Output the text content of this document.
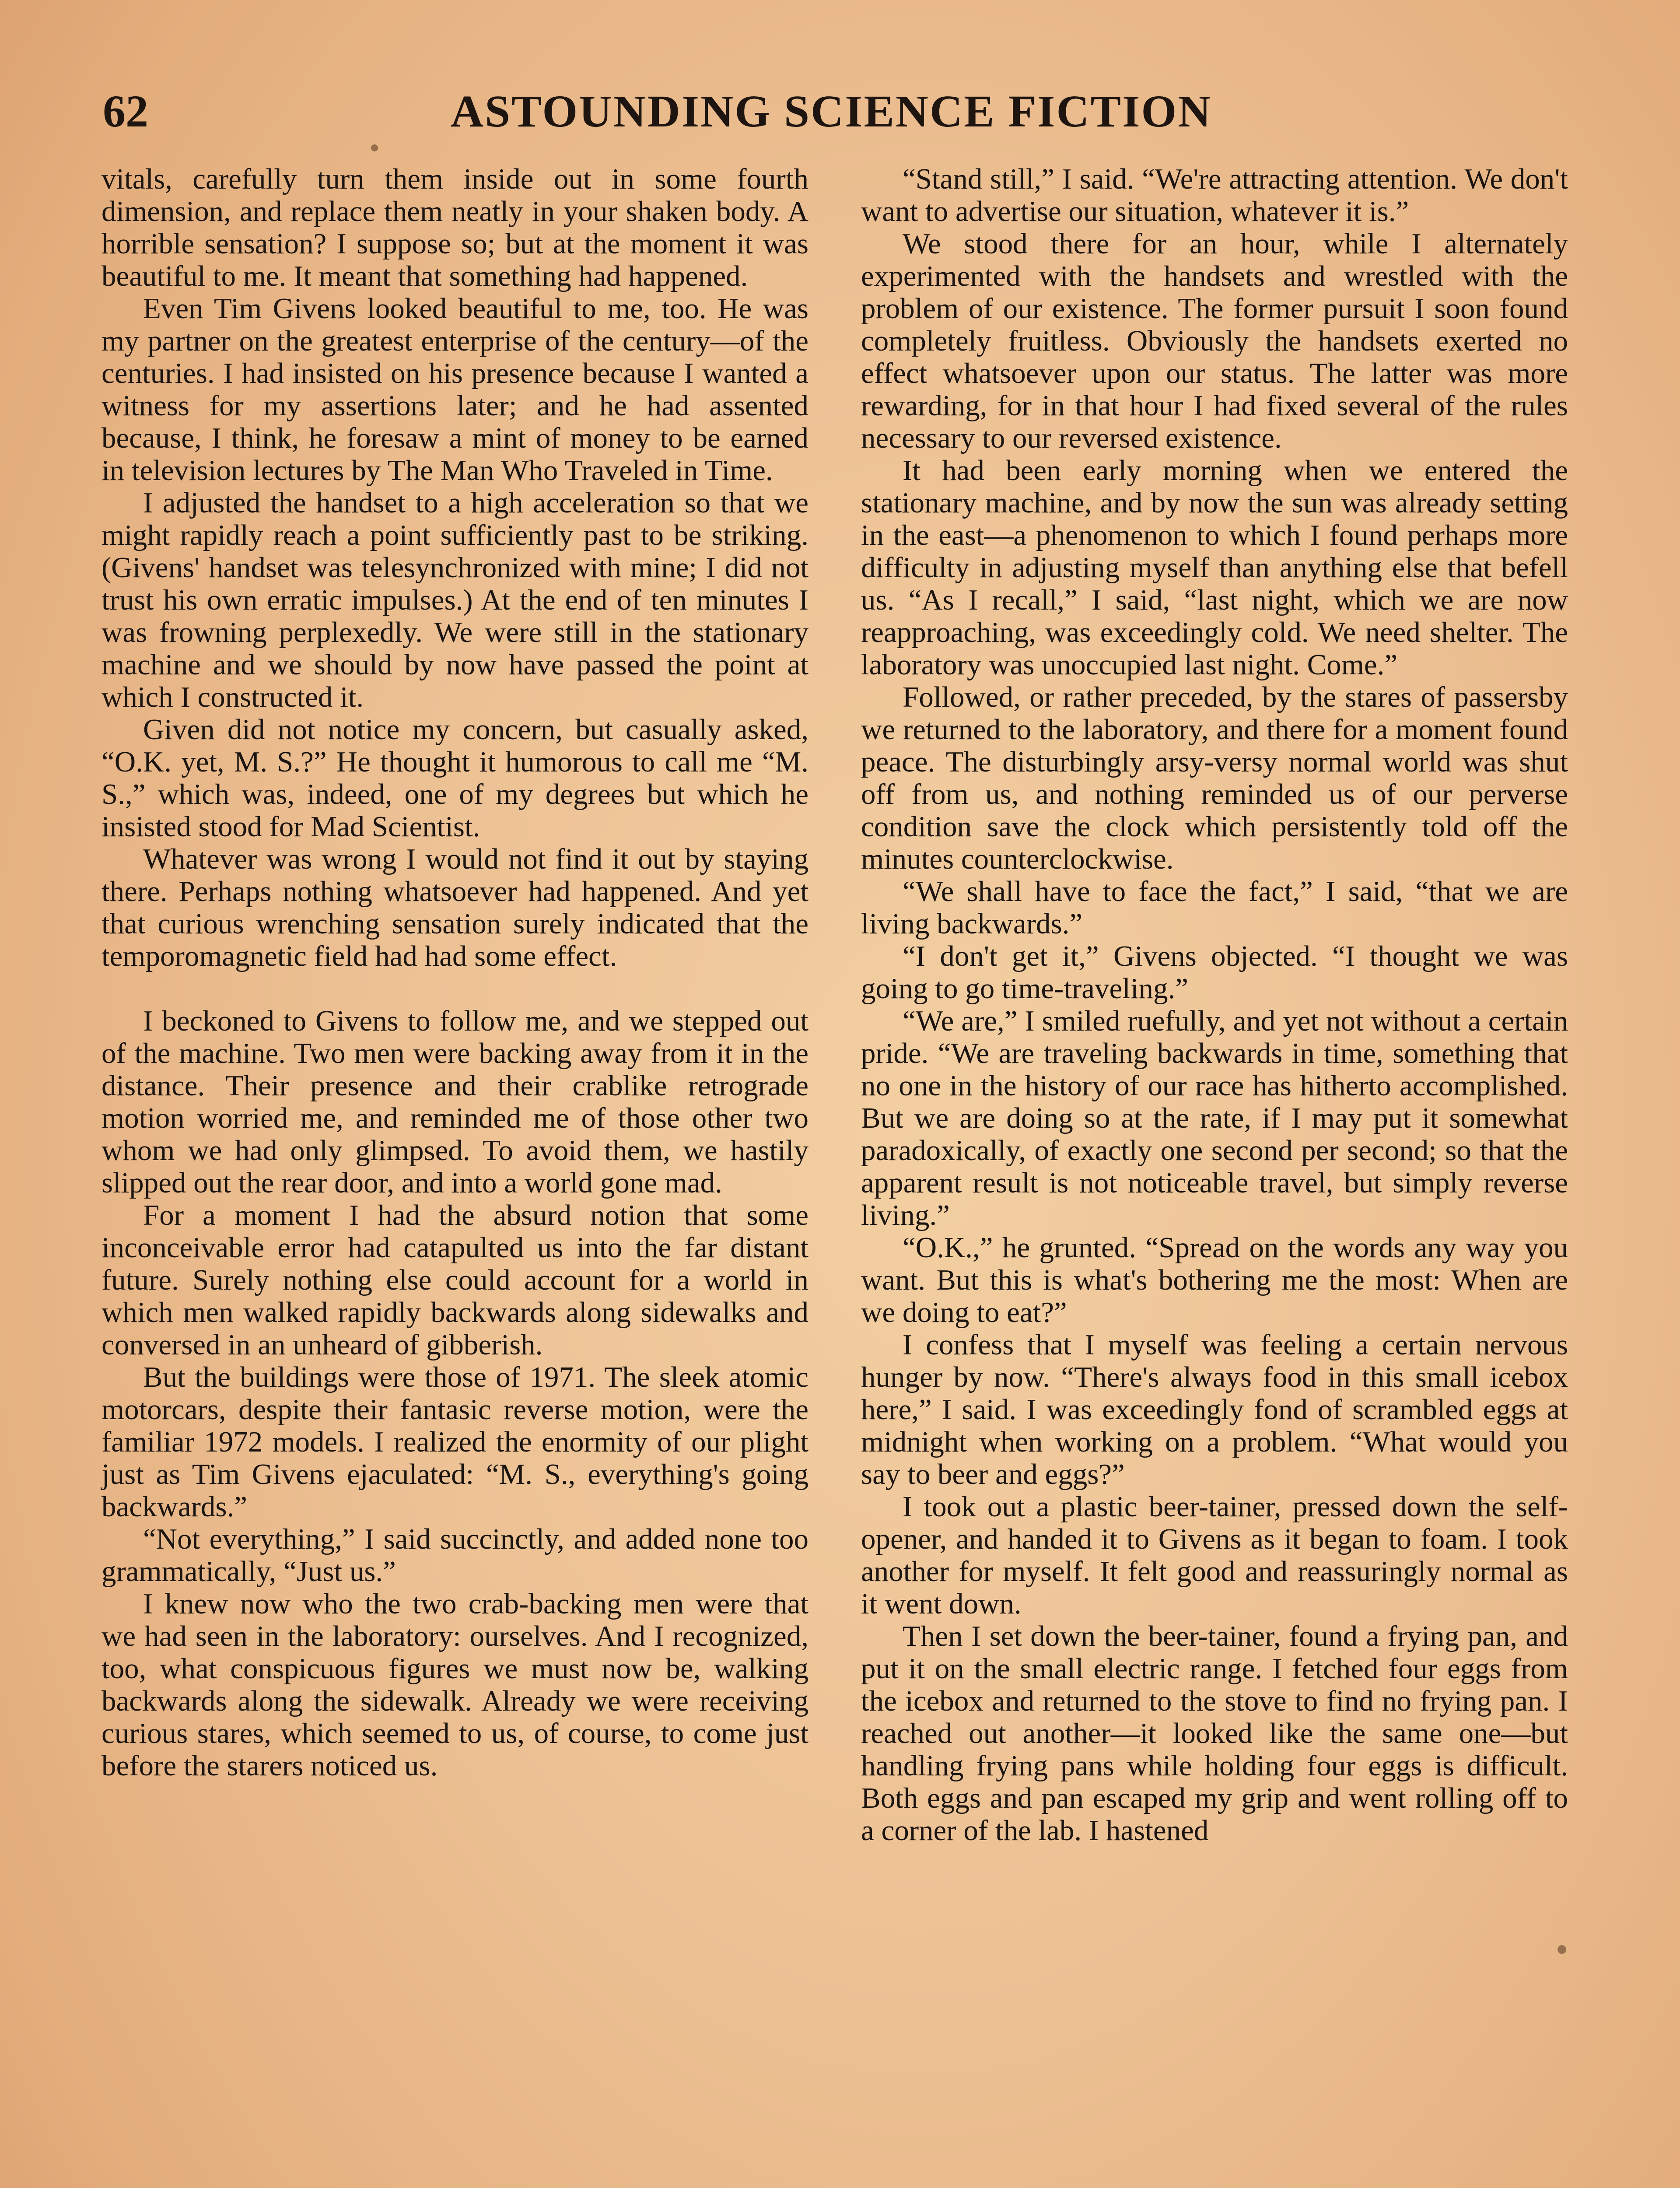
62	ASTOUNDING SCIENCE FICTION

vitals, carefully turn them inside out in some fourth dimension, and replace them neatly in your shaken body. A horrible sensation? I suppose so; but at the moment it was beautiful to me. It meant that something had happened.

Even Tim Givens looked beautiful to me, too. He was my partner on the greatest enterprise of the century—of the centuries. I had insisted on his presence because I wanted a witness for my assertions later; and he had assented because, I think, he foresaw a mint of money to be earned in television lectures by The Man Who Traveled in Time.

I adjusted the handset to a high acceleration so that we might rapidly reach a point sufficiently past to be striking. (Givens' handset was telesynchronized with mine; I did not trust his own erratic impulses.) At the end of ten minutes I was frowning perplexedly. We were still in the stationary machine and we should by now have passed the point at which I constructed it.

Given did not notice my concern, but casually asked, “O.K. yet, M. S.?” He thought it humorous to call me “M. S.,” which was, indeed, one of my degrees but which he insisted stood for Mad Scientist.

Whatever was wrong I would not find it out by staying there. Perhaps nothing whatsoever had happened. And yet that curious wrenching sensation surely indicated that the temporomagnetic field had had some effect.

I beckoned to Givens to follow me, and we stepped out of the machine. Two men were backing away from it in the distance. Their presence and their crablike retrograde motion worried me, and reminded me of those other two whom we had only glimpsed. To avoid them, we hastily slipped out the rear door, and into a world gone mad.

For a moment I had the absurd notion that some inconceivable error had catapulted us into the far distant future. Surely nothing else could account for a world in which men walked rapidly backwards along sidewalks and conversed in an unheard of gibberish.

But the buildings were those of 1971. The sleek atomic motorcars, despite their fantasic reverse motion, were the familiar 1972 models. I realized the enormity of our plight just as Tim Givens ejaculated: “M. S., everything's going backwards.”

“Not everything,” I said succinctly, and added none too grammatically, “Just us.”

I knew now who the two crab-backing men were that we had seen in the laboratory: ourselves. And I recognized, too, what conspicuous figures we must now be, walking backwards along the sidewalk. Already we were receiving curious stares, which seemed to us, of course, to come just before the starers noticed us.

“Stand still,” I said. “We're attracting attention. We don't want to advertise our situation, whatever it is.”

We stood there for an hour, while I alternately experimented with the handsets and wrestled with the problem of our existence. The former pursuit I soon found completely fruitless. Obviously the handsets exerted no effect whatsoever upon our status. The latter was more rewarding, for in that hour I had fixed several of the rules necessary to our reversed existence.

It had been early morning when we entered the stationary machine, and by now the sun was already setting in the east—a phenomenon to which I found perhaps more difficulty in adjusting myself than anything else that befell us. “As I recall,” I said, “last night, which we are now reapproaching, was exceedingly cold. We need shelter. The laboratory was unoccupied last night. Come.”

Followed, or rather preceded, by the stares of passersby we returned to the laboratory, and there for a moment found peace. The disturbingly arsy-versy normal world was shut off from us, and nothing reminded us of our perverse condition save the clock which persistently told off the minutes counterclockwise.

“We shall have to face the fact,” I said, “that we are living backwards.”

“I don't get it,” Givens objected. “I thought we was going to go time-traveling.”

“We are,” I smiled ruefully, and yet not without a certain pride. “We are traveling backwards in time, something that no one in the history of our race has hitherto accomplished. But we are doing so at the rate, if I may put it somewhat paradoxically, of exactly one second per second; so that the apparent result is not noticeable travel, but simply reverse living.”

“O.K.,” he grunted. “Spread on the words any way you want. But this is what's bothering me the most: When are we doing to eat?”

I confess that I myself was feeling a certain nervous hunger by now. “There's always food in this small icebox here,” I said. I was exceedingly fond of scrambled eggs at midnight when working on a problem. “What would you say to beer and eggs?”

I took out a plastic beer-tainer, pressed down the self-opener, and handed it to Givens as it began to foam. I took another for myself. It felt good and reassuringly normal as it went down.

Then I set down the beer-tainer, found a frying pan, and put it on the small electric range. I fetched four eggs from the icebox and returned to the stove to find no frying pan. I reached out another—it looked like the same one—but handling frying pans while holding four eggs is difficult. Both eggs and pan escaped my grip and went rolling off to a corner of the lab. I hastened
